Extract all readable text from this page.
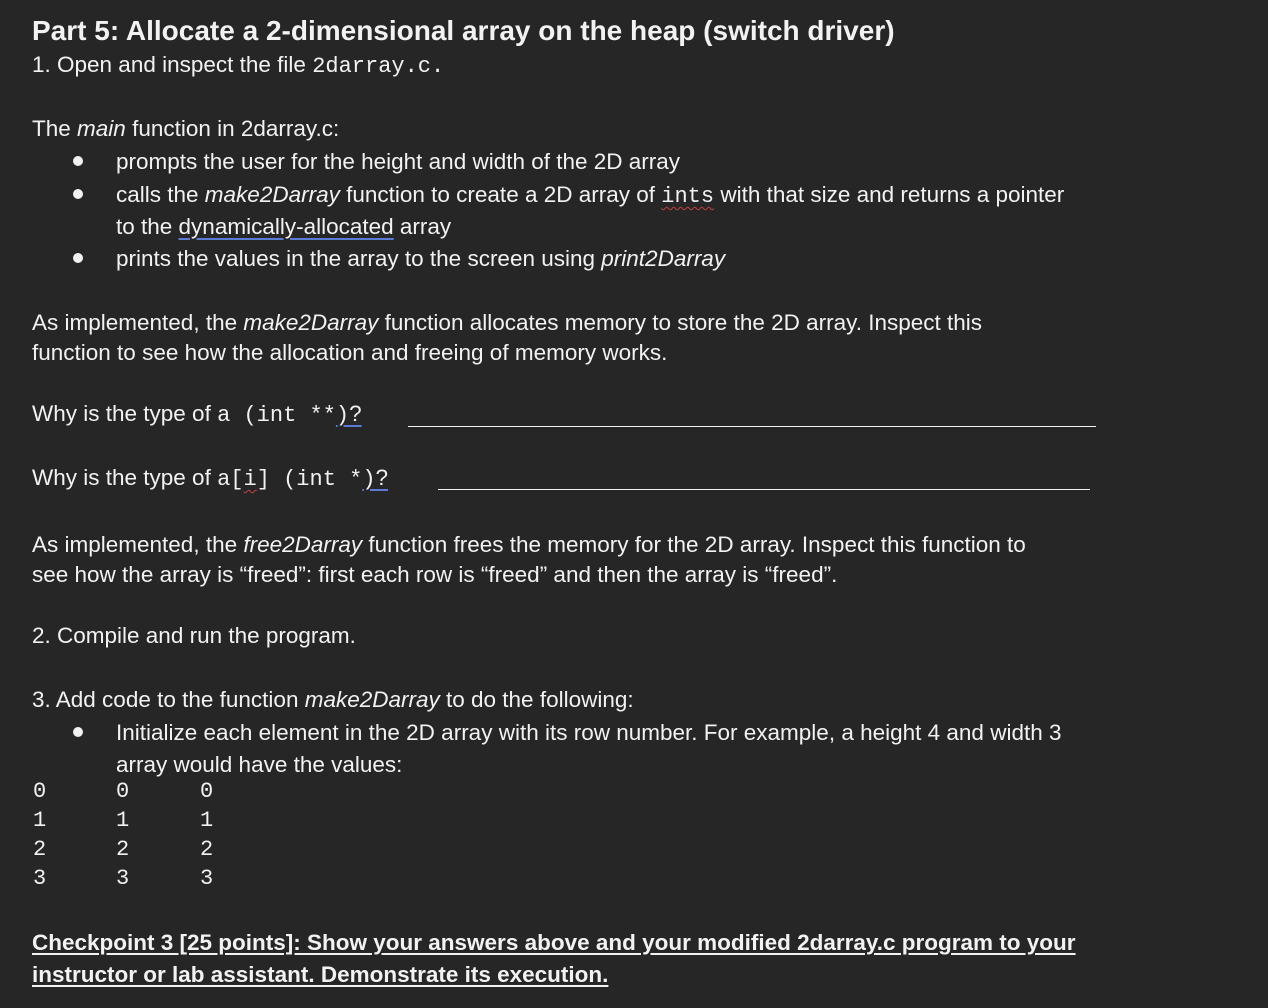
Part 5: Allocate a 2-dimensional array on the heap (switch driver)
1. Open and inspect the file 2darray.c.
The main function in 2darray.c:
prompts the user for the height and width of the 2D array
calls the make2Darray function to create a 2D array of ints with that size and returns a pointer
to the dynamically-allocated array
prints the values in the array to the screen using print2Darray
As implemented, the make2Darray function allocates memory to store the 2D array. Inspect this
function to see how the allocation and freeing of memory works.
Why is the type of a (int **)?
Why is the type of a[i] (int *)?
As implemented, the free2Darray function frees the memory for the 2D array. Inspect this function to
see how the array is “freed”: first each row is “freed” and then the array is “freed”.
2. Compile and run the program.
3. Add code to the function make2Darray to do the following:
Initialize each element in the 2D array with its row number. For example, a height 4 and width 3
array would have the values:
0	0	0
1	1	1
2	2	2
3	3	3
Checkpoint 3 [25 points]: Show your answers above and your modified 2darray.c program to your
instructor or lab assistant. Demonstrate its execution.
